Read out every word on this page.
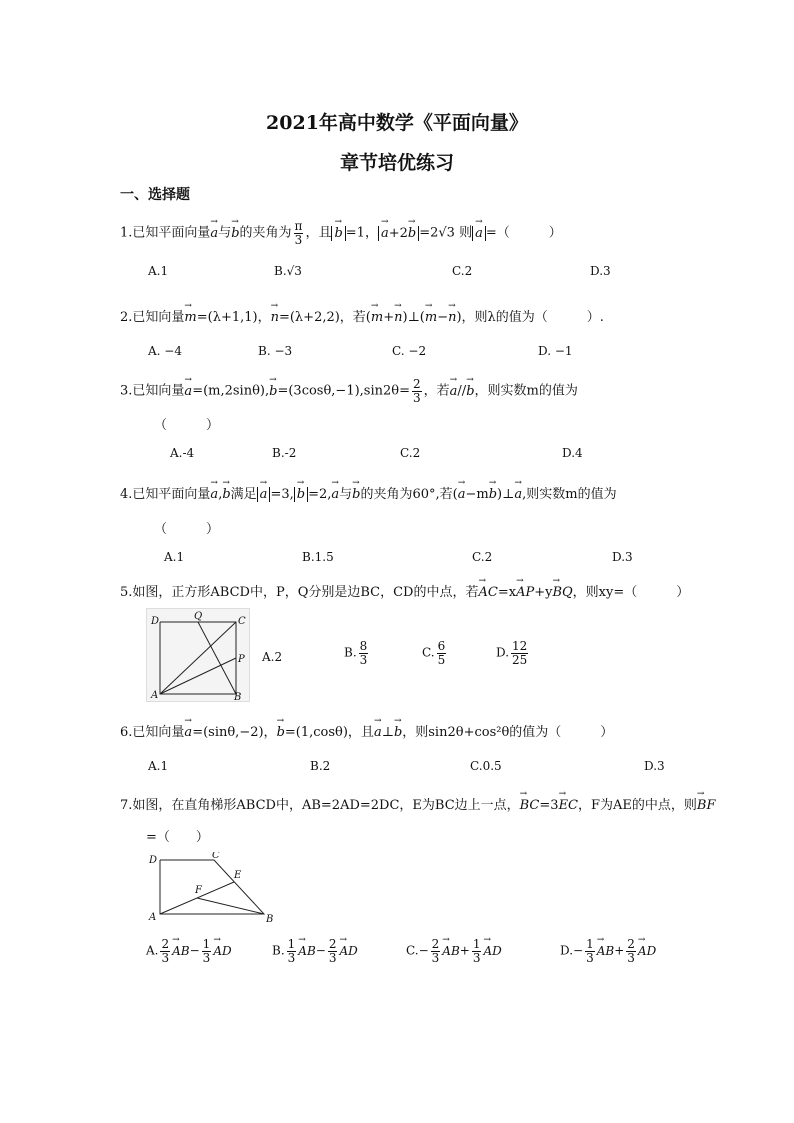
2021年高中数学《平面向量》
章节培优练习
一、选择题
1.已知平面向量→ a与→ b的夹角为 $\frac{\pi}{3}$ ，且→ b =1，→ a+2→ b =2√3 则→ a =（　　　）
A.1	B.√3	C.2	D.3
2.已知向量→ m=(λ+1,1)，→ n=(λ+2,2)，若(→ m+→ n)⊥(→ m−→ n)，则λ的值为（　　　）.
A. −4	B. −3	C. −2	D. −1
3.已知向量→ $a=(m,2\sin\theta),\to b=(3\cos\theta,-1),\sin 2\theta= \frac{2}{3}$ ，若→ a//→ b，则实数m的值为
（　　　）
A.-4	B.-2	C.2	D.4
4.已知平面向量→ a,→ b满足→ a =3,→ b =2,→ a与→ b的夹角为60°,若(→ a−m→ b)⊥→ a,则实数m的值为
（　　　）
A.1	B.1.5	C.2	D.3
5.如图，正方形ABCD中，P，Q分别是边BC，CD的中点，若→ AC=x→ AP+y→ BQ，则xy=（　　　）
D	Q	C
P
A	B
A.2	B. $\frac{8}{3}$	C. $\frac{6}{5}$	D. $\frac{12}{25}$
6.已知向量→ a=(sinθ,−2)，→ b=(1,cosθ)，且→ a⊥→ b，则sin2θ+cos²θ的值为（　　　）
A.1	B.2	C.0.5	D.3
7.如图，在直角梯形ABCD中，AB=2AD=2DC，E为BC边上一点，→ BC=3→ EC，F为AE的中点，则→ BF
=（　　）
D	C
E
F
A	B
A. $\frac{2}{3}$
→ $AB- \frac{1}{3}$
→ AD	B. $\frac{1}{3}$
→ $AB- \frac{2}{3}$
→ AD	$C.- \frac{2}{3}$
→ $AB+ \frac{1}{3}$
→ AD	$D.- \frac{1}{3}$
→ $AB+ \frac{2}{3}$
→ AD
